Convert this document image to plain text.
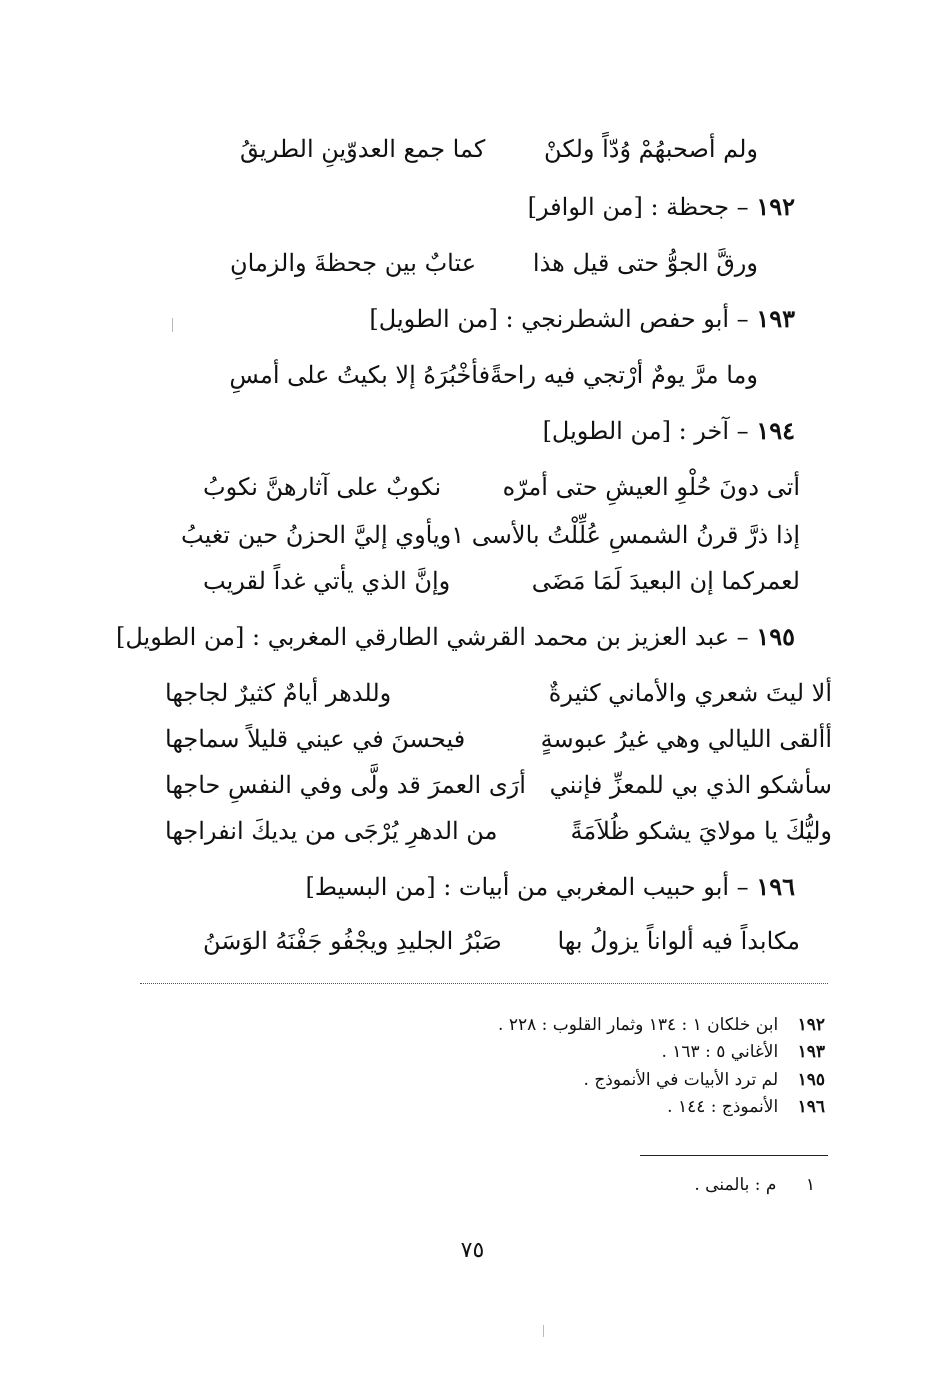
ولم أصحبهُمْ وُدّاً ولكنْ
كما جمع العدوّينِ الطريقُ
١٩٢ – جحظة : [من الوافر]
ورقَّ الجوُّ حتى قيل هذا
عتابٌ بين جحظةَ والزمانِ
١٩٣ – أبو حفص الشطرنجي : [من الطويل]
وما مرَّ يومٌ أرْتجي فيه راحةً
فأخْبُرَهُ إلا بكيتُ على أمسِ
١٩٤ – آخر : [من الطويل]
أتى دونَ حُلْوِ العيشِ حتى أمرّه
نكوبٌ على آثارهنَّ نكوبُ
إذا ذرَّ قرنُ الشمسِ عُلِّلْتُ بالأسى ١
ويأوي إليَّ الحزنُ حين تغيبُ
لعمركما إن البعيدَ لَمَا مَضَى
وإنَّ الذي يأتي غداً لقريب
١٩٥ – عبد العزيز بن محمد القرشي الطارقي المغربي : [من الطويل]
ألا ليتَ شعري والأماني كثيرةٌ
وللدهر أيامٌ كثيرٌ لجاجها
أألقى الليالي وهي غيرُ عبوسةٍ
فيحسنَ في عيني قليلاً سماجها
سأشكو الذي بي للمعزِّ فإنني
أرَى العمرَ قد ولَّى وفي النفسِ حاجها
وليُّكَ يا مولايَ يشكو ظُلاَمَةً
من الدهرِ يُرْجَى من يديكَ انفراجها
١٩٦ – أبو حبيب المغربي من أبيات : [من البسيط]
مكابداً فيه ألواناً يزولُ بها
صَبْرُ الجليدِ ويجْفُو جَفْنَهُ الوَسَنُ
١٩٢ ابن خلكان ١ : ١٣٤ وثمار القلوب : ٢٢٨ .
١٩٣ الأغاني ٥ : ١٦٣ .
١٩٥ لم ترد الأبيات في الأنموذج .
١٩٦ الأنموذج : ١٤٤ .
١ م : بالمنى .
٧٥
